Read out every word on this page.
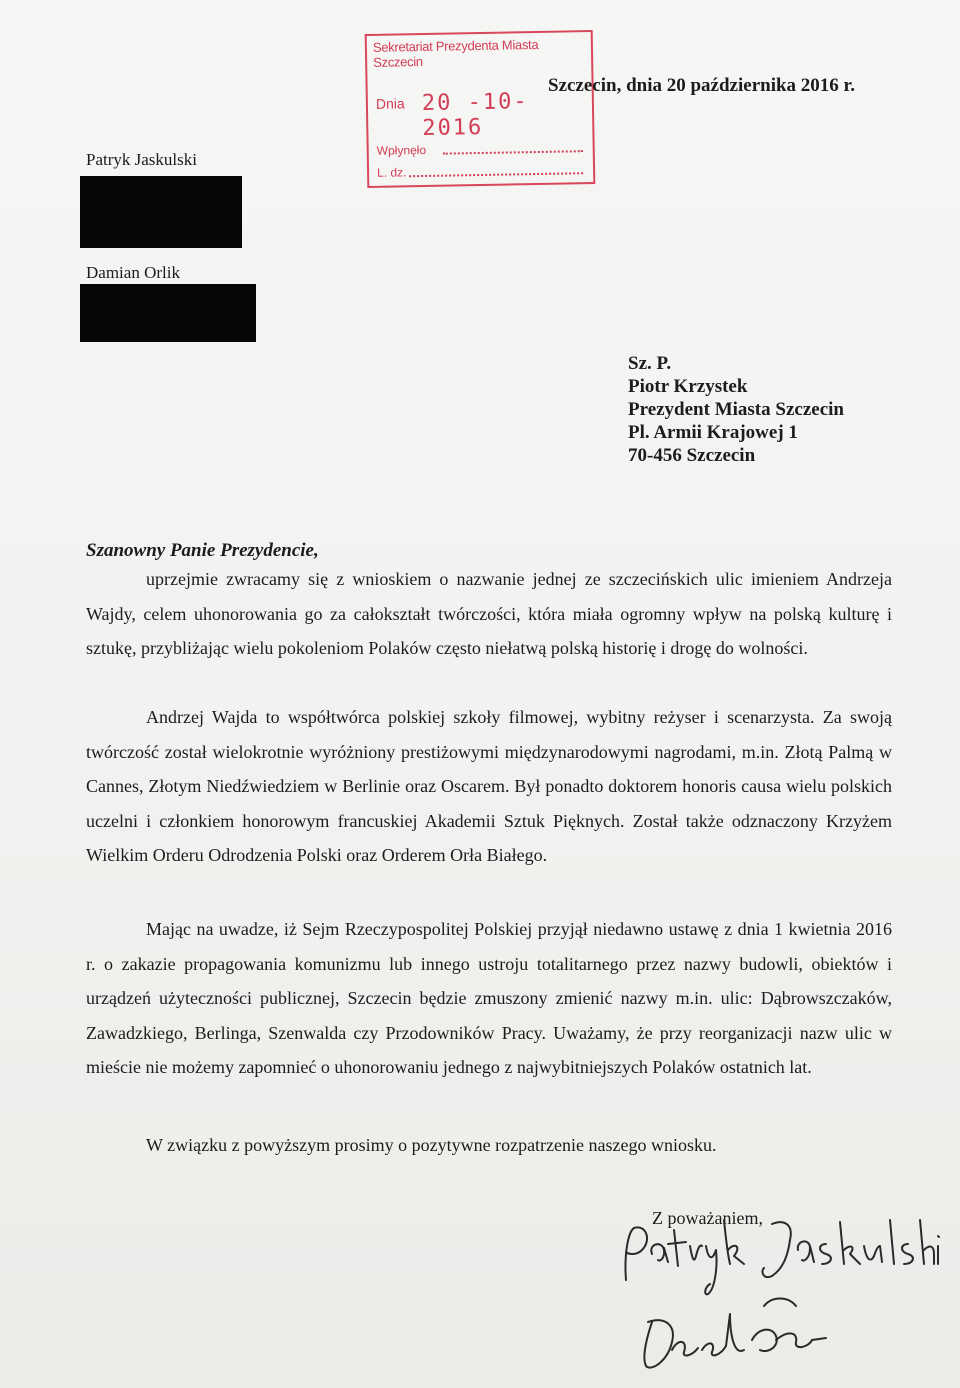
Sekretariat Prezydenta Miasta Szczecin
Dnia 20 -10- 2016
Wpłynęło
L. dz.
Szczecin, dnia 20 października 2016 r.
Patryk Jaskulski
Damian Orlik
Sz. P.
Piotr Krzystek
Prezydent Miasta Szczecin
Pl. Armii Krajowej 1
70-456 Szczecin
Szanowny Panie Prezydencie,

uprzejmie zwracamy się z wnioskiem o nazwanie jednej ze szczecińskich ulic imieniem Andrzeja Wajdy, celem uhonorowania go za całokształt twórczości, która miała ogromny wpływ na polską kulturę i sztukę, przybliżając wielu pokoleniom Polaków często niełatwą polską historię i drogę do wolności.

Andrzej Wajda to współtwórca polskiej szkoły filmowej, wybitny reżyser i scenarzysta. Za swoją twórczość został wielokrotnie wyróżniony prestiżowymi międzynarodowymi nagrodami, m.in. Złotą Palmą w Cannes, Złotym Niedźwiedziem w Berlinie oraz Oscarem. Był ponadto doktorem honoris causa wielu polskich uczelni i członkiem honorowym francuskiej Akademii Sztuk Pięknych. Został także odznaczony Krzyżem Wielkim Orderu Odrodzenia Polski oraz Orderem Orła Białego.

Mając na uwadze, iż Sejm Rzeczypospolitej Polskiej przyjął niedawno ustawę z dnia 1 kwietnia 2016 r. o zakazie propagowania komunizmu lub innego ustroju totalitarnego przez nazwy budowli, obiektów i urządzeń użyteczności publicznej, Szczecin będzie zmuszony zmienić nazwy m.in. ulic: Dąbrowszczaków, Zawadzkiego, Berlinga, Szenwalda czy Przodowników Pracy. Uważamy, że przy reorganizacji nazw ulic w mieście nie możemy zapomnieć o uhonorowaniu jednego z najwybitniejszych Polaków ostatnich lat.

W związku z powyższym prosimy o pozytywne rozpatrzenie naszego wniosku.

Z poważaniem,
